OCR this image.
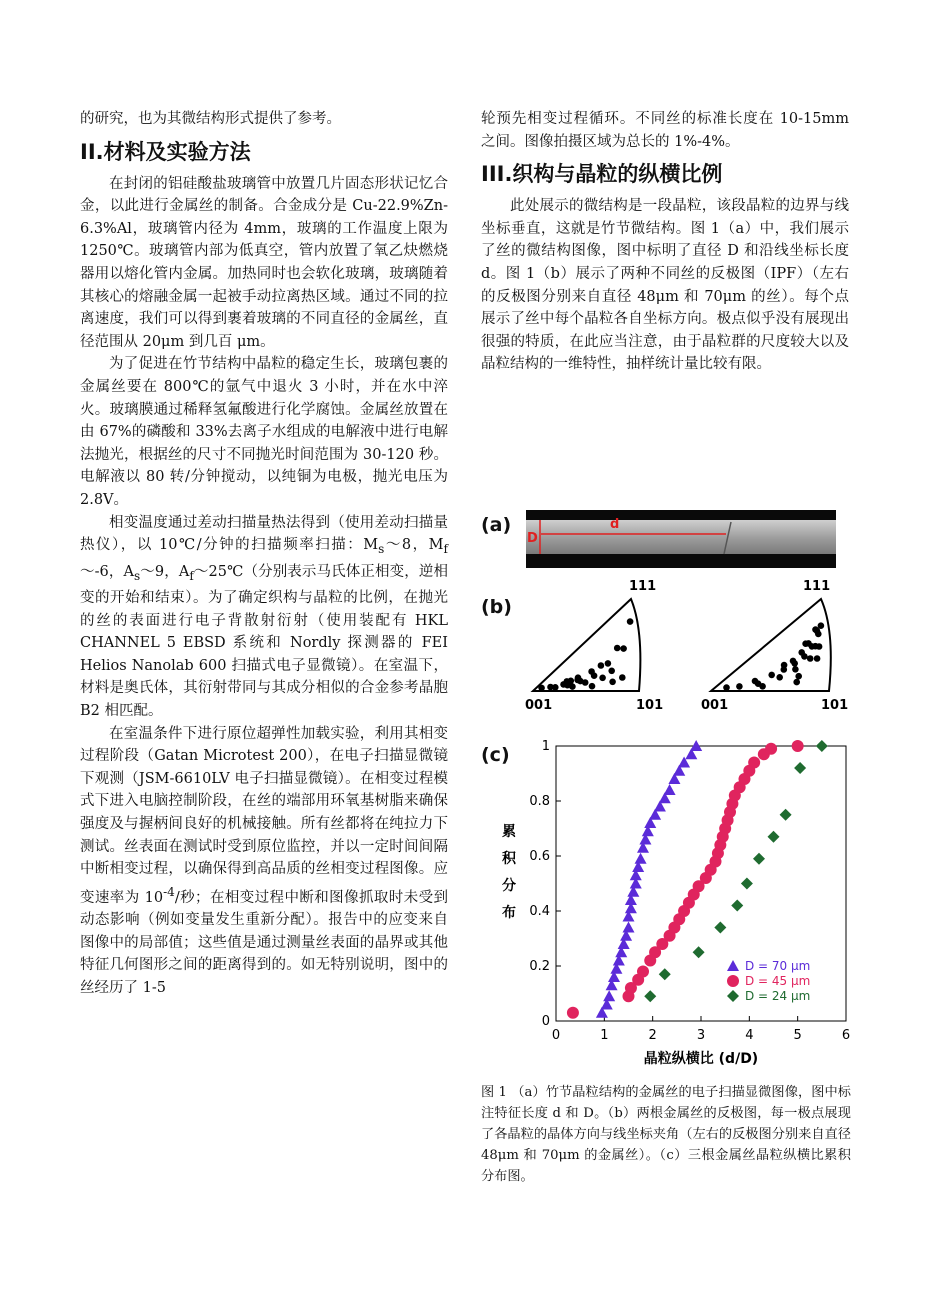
的研究，也为其微结构形式提供了参考。

II.材料及实验方法

在封闭的铝硅酸盐玻璃管中放置几片固态形状记忆合金，以此进行金属丝的制备。合金成分是 Cu-22.9%Zn-6.3%Al，玻璃管内径为 4mm，玻璃的工作温度上限为 1250℃。玻璃管内部为低真空，管内放置了氧乙炔燃烧器用以熔化管内金属。加热同时也会软化玻璃，玻璃随着其核心的熔融金属一起被手动拉离热区域。通过不同的拉离速度，我们可以得到裹着玻璃的不同直径的金属丝，直径范围从 20μm 到几百 μm。

为了促进在竹节结构中晶粒的稳定生长，玻璃包裹的金属丝要在 800℃的氩气中退火 3 小时，并在水中淬火。玻璃膜通过稀释氢氟酸进行化学腐蚀。金属丝放置在由 67%的磷酸和 33%去离子水组成的电解液中进行电解法抛光，根据丝的尺寸不同抛光时间范围为 30-120 秒。电解液以 80 转/分钟搅动，以纯铜为电极，抛光电压为 2.8V。

相变温度通过差动扫描量热法得到（使用差动扫描量热仪），以 10℃/分钟的扫描频率扫描：$M_s\sim 8$，$M_f\sim-6$，$A_s\sim 9$，$A_f\sim 25℃$（分别表示马氏体正相变，逆相变的开始和结束）。为了确定织构与晶粒的比例，在抛光的丝的表面进行电子背散射衍射（使用装配有 HKL CHANNEL 5 EBSD 系统和 Nordly 探测器的 FEI Helios Nanolab 600 扫描式电子显微镜）。在室温下，材料是奥氏体，其衍射带同与其成分相似的合金参考晶胞 B2 相匹配。

在室温条件下进行原位超弹性加载实验，利用其相变过程阶段（Gatan Microtest 200），在电子扫描显微镜下观测（JSM-6610LV 电子扫描显微镜）。在相变过程模式下进入电脑控制阶段，在丝的端部用环氧基树脂来确保强度及与握柄间良好的机械接触。所有丝都将在纯拉力下测试。丝表面在测试时受到原位监控，并以一定时间间隔中断相变过程，以确保得到高品质的丝相变过程图像。应变速率为 $10^{-4}/$秒；在相变过程中断和图像抓取时未受到动态影响（例如变量发生重新分配）。报告中的应变来自图像中的局部值；这些值是通过测量丝表面的晶界或其他特征几何图形之间的距离得到的。如无特别说明，图中的丝经历了 1-5

轮预先相变过程循环。不同丝的标准长度在 10-15mm 之间。图像拍摄区域为总长的 1%-4%。

III.织构与晶粒的纵横比例

此处展示的微结构是一段晶粒，该段晶粒的边界与线坐标垂直，这就是竹节微结构。图 1（a）中，我们展示了丝的微结构图像，图中标明了直径 D 和沿线坐标长度 d。图 1（b）展示了两种不同丝的反极图（IPF）（左右的反极图分别来自直径 48μm 和 70μm 的丝）。每个点展示了丝中每个晶粒各自坐标方向。极点似乎没有展现出很强的特质，在此应当注意，由于晶粒群的尺度较大以及晶粒结构的一维特性，抽样统计量比较有限。

(a)
D
d
(b)
111
001	101
111
001	101
(c)
0	1	2	3	4	5	6
0
0.2
0.4
0.6
0.8
1
晶粒纵横比 (d/D)
累
积
分
布
D = 70 μm
D = 45 μm
D = 24 μm

图 1 （a）竹节晶粒结构的金属丝的电子扫描显微图像，图中标注特征长度 d 和 D。（b）两根金属丝的反极图，每一极点展现了各晶粒的晶体方向与线坐标夹角（左右的反极图分别来自直径 48μm 和 70μm 的金属丝）。（c）三根金属丝晶粒纵横比累积分布图。
